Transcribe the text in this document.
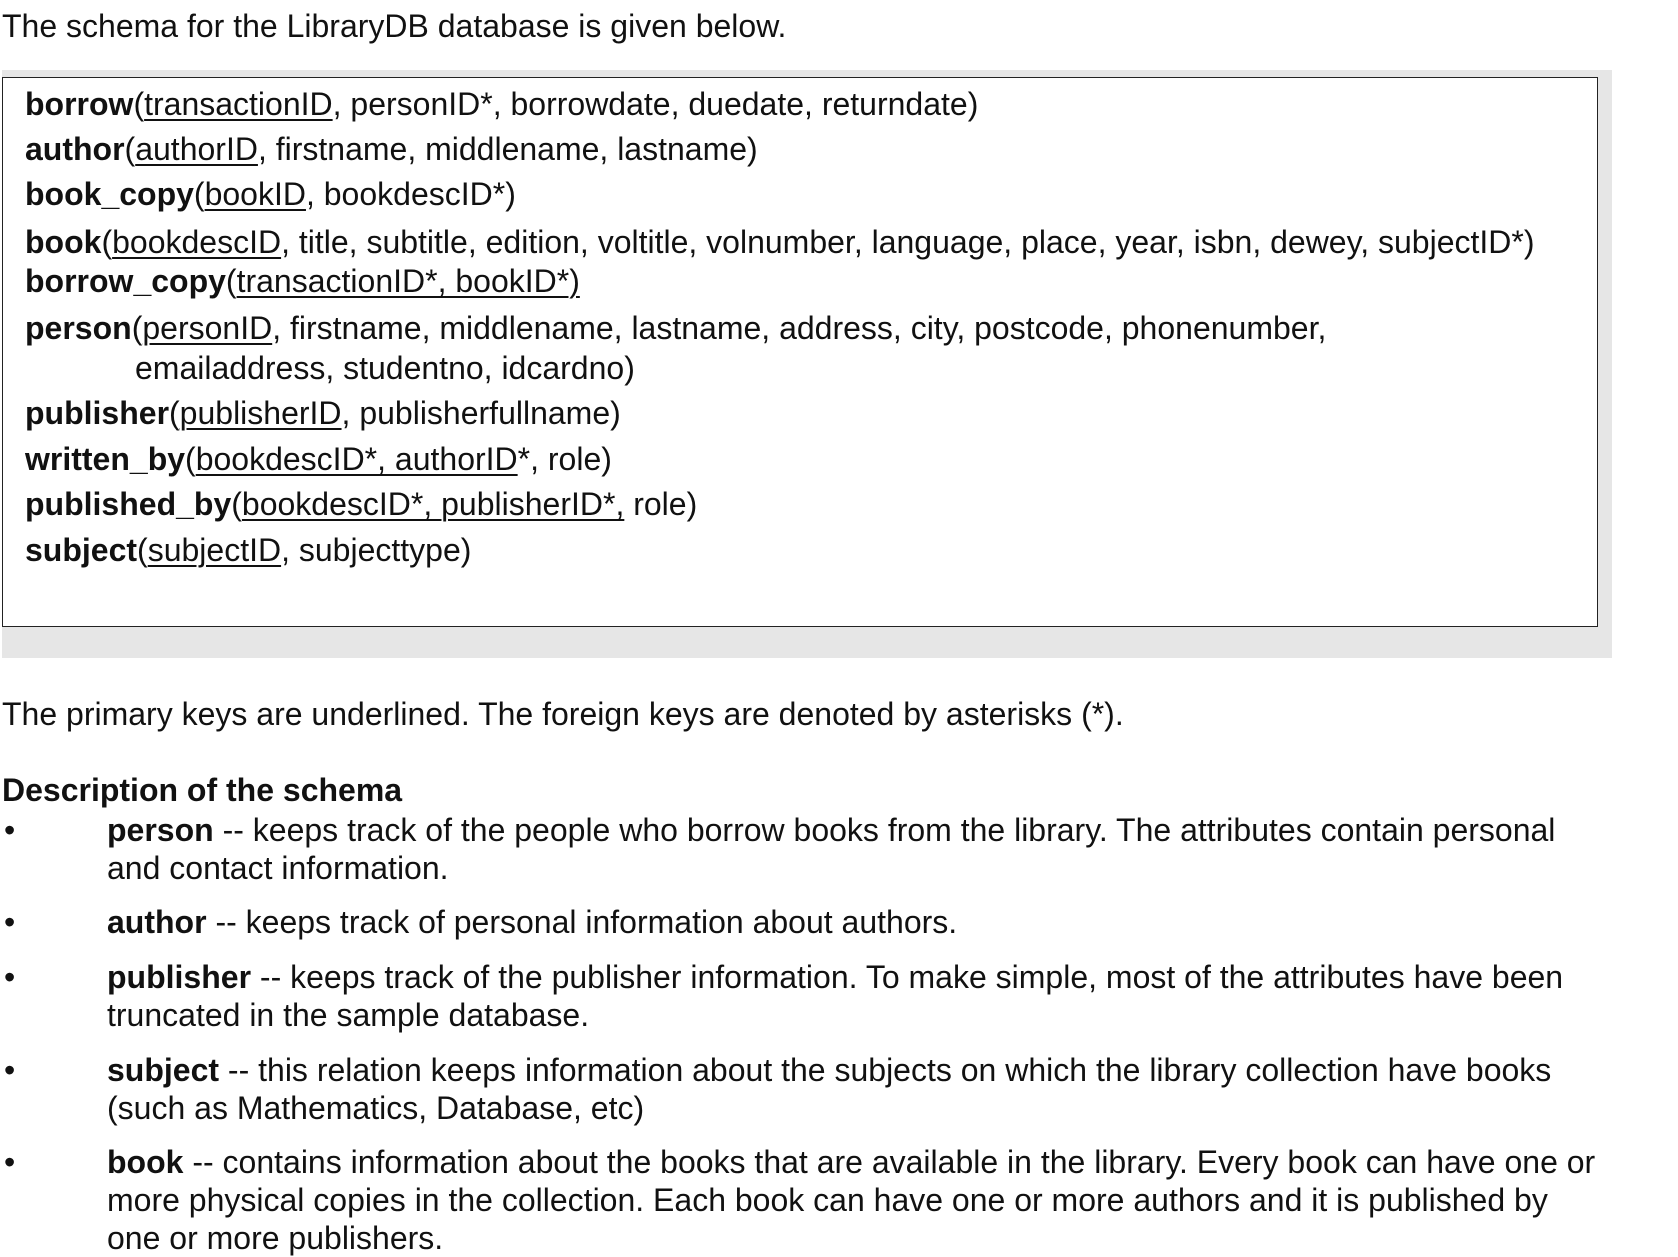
The schema for the LibraryDB database is given below.

borrow(transactionID, personID*, borrowdate, duedate, returndate)

author(authorID, firstname, middlename, lastname)

book_copy(bookID, bookdescID*)

book(bookdescID, title, subtitle, edition, voltitle, volnumber, language, place, year, isbn, dewey, subjectID*)

borrow_copy(transactionID*, bookID*)

person(personID, firstname, middlename, lastname, address, city, postcode, phonenumber,

emailaddress, studentno, idcardno)

publisher(publisherID, publisherfullname)

written_by(bookdescID*, authorID*, role)

published_by(bookdescID*, publisherID*, role)

subject(subjectID, subjecttype)

The primary keys are underlined. The foreign keys are denoted by asterisks (*).

Description of the schema

•	person -- keeps track of the people who borrow books from the library. The attributes contain personal and contact information.
•	author -- keeps track of personal information about authors.
•	publisher -- keeps track of the publisher information. To make simple, most of the attributes have been truncated in the sample database.
•	subject -- this relation keeps information about the subjects on which the library collection have books (such as Mathematics, Database, etc)
•	book -- contains information about the books that are available in the library. Every book can have one or more physical copies in the collection. Each book can have one or more authors and it is published by one or more publishers.
